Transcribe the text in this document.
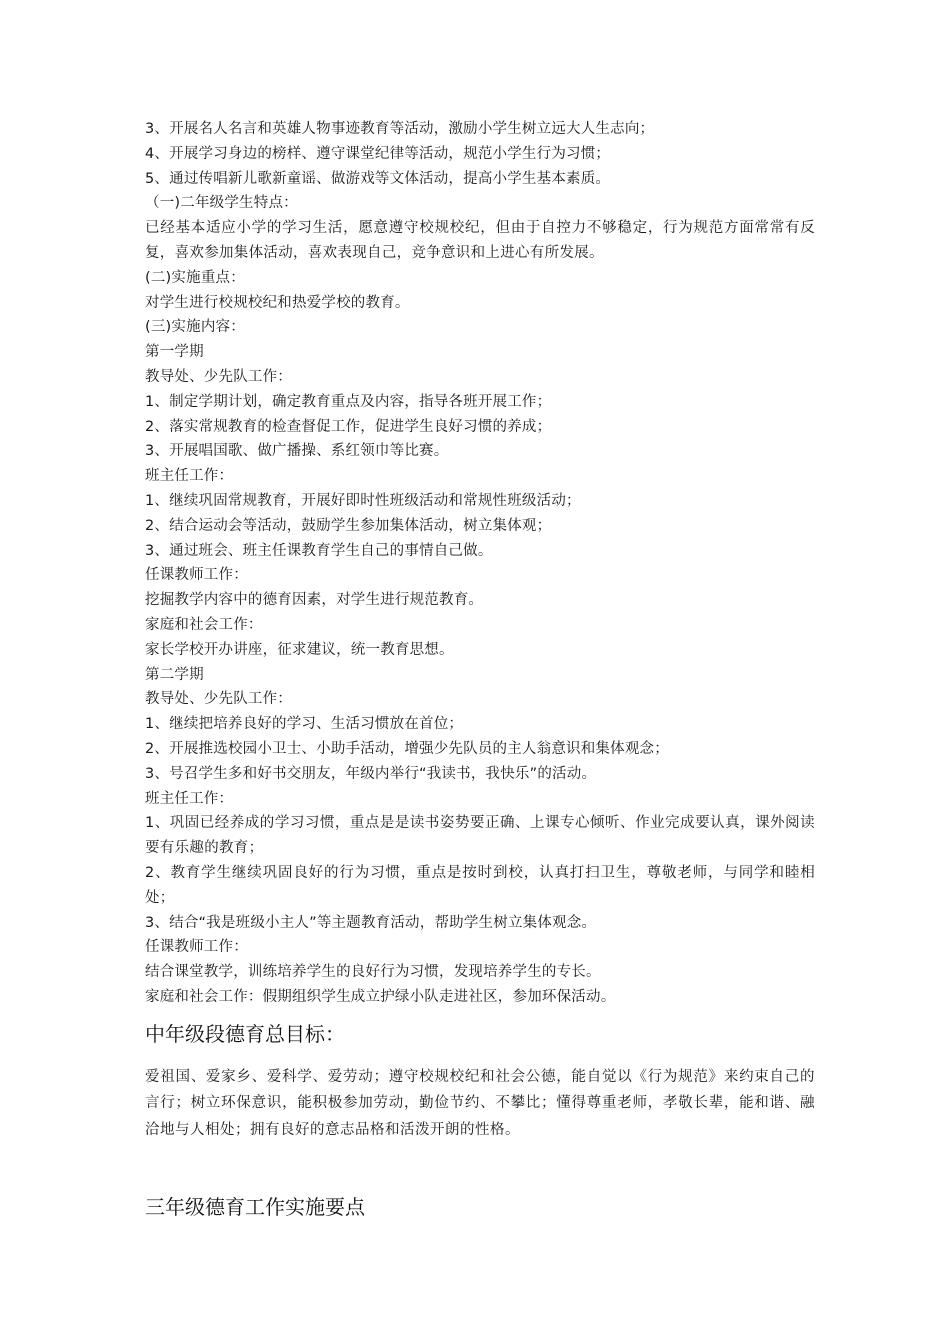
3、开展名人名言和英雄人物事迹教育等活动，激励小学生树立远大人生志向；

4、开展学习身边的榜样、遵守课堂纪律等活动，规范小学生行为习惯；

5、通过传唱新儿歌新童谣、做游戏等文体活动，提高小学生基本素质。

（一)二年级学生特点：

已经基本适应小学的学习生活，愿意遵守校规校纪，但由于自控力不够稳定，行为规范方面常常有反复，喜欢参加集体活动，喜欢表现自己，竞争意识和上进心有所发展。

(二)实施重点：

对学生进行校规校纪和热爱学校的教育。

(三)实施内容：

第一学期

教导处、少先队工作：

1、制定学期计划，确定教育重点及内容，指导各班开展工作；

2、落实常规教育的检查督促工作，促进学生良好习惯的养成；

3、开展唱国歌、做广播操、系红领巾等比赛。

班主任工作：

1、继续巩固常规教育，开展好即时性班级活动和常规性班级活动；

2、结合运动会等活动，鼓励学生参加集体活动，树立集体观；

3、通过班会、班主任课教育学生自己的事情自己做。

任课教师工作：

挖掘教学内容中的德育因素，对学生进行规范教育。

家庭和社会工作：

家长学校开办讲座，征求建议，统一教育思想。

第二学期

教导处、少先队工作：

1、继续把培养良好的学习、生活习惯放在首位；

2、开展推选校园小卫士、小助手活动，增强少先队员的主人翁意识和集体观念；

3、号召学生多和好书交朋友，年级内举行“我读书，我快乐”的活动。

班主任工作：

1、巩固已经养成的学习习惯，重点是是读书姿势要正确、上课专心倾听、作业完成要认真，课外阅读要有乐趣的教育；

2、教育学生继续巩固良好的行为习惯，重点是按时到校，认真打扫卫生，尊敬老师，与同学和睦相处；

3、结合“我是班级小主人”等主题教育活动，帮助学生树立集体观念。

任课教师工作：

结合课堂教学，训练培养学生的良好行为习惯，发现培养学生的专长。

家庭和社会工作：假期组织学生成立护绿小队走进社区，参加环保活动。

中年级段德育总目标：

爱祖国、爱家乡、爱科学、爱劳动；遵守校规校纪和社会公德，能自觉以《行为规范》来约束自己的言行；树立环保意识，能积极参加劳动，勤俭节约、不攀比；懂得尊重老师，孝敬长辈，能和谐、融洽地与人相处；拥有良好的意志品格和活泼开朗的性格。

三年级德育工作实施要点
